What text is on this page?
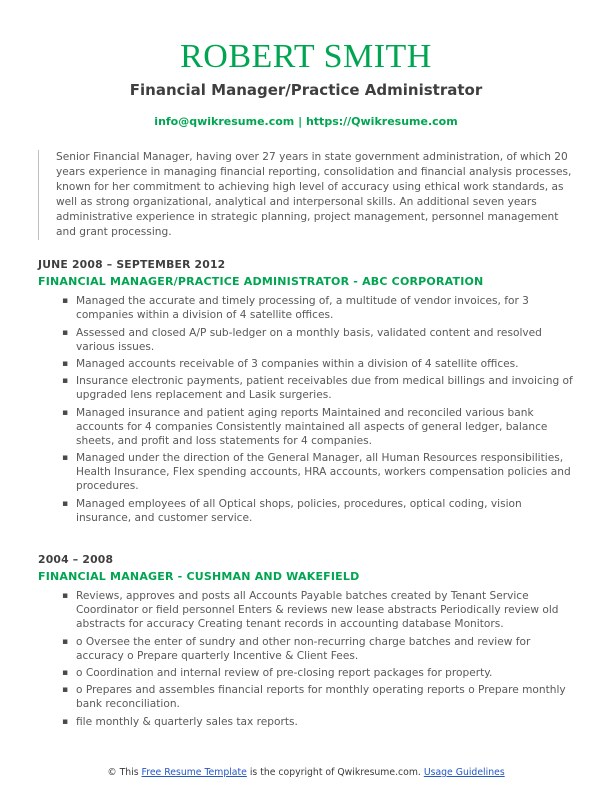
ROBERT SMITH
Financial Manager/Practice Administrator
info@qwikresume.com | https://Qwikresume.com

Senior Financial Manager, having over 27 years in state government administration, of which 20 years experience in managing financial reporting, consolidation and financial analysis processes, known for her commitment to achieving high level of accuracy using ethical work standards, as well as strong organizational, analytical and interpersonal skills. An additional seven years administrative experience in strategic planning, project management, personnel management and grant processing.

JUNE 2008 – SEPTEMBER 2012
FINANCIAL MANAGER/PRACTICE ADMINISTRATOR - ABC CORPORATION
▪ Managed the accurate and timely processing of, a multitude of vendor invoices, for 3 companies within a division of 4 satellite offices.
▪ Assessed and closed A/P sub-ledger on a monthly basis, validated content and resolved various issues.
▪ Managed accounts receivable of 3 companies within a division of 4 satellite offices.
▪ Insurance electronic payments, patient receivables due from medical billings and invoicing of upgraded lens replacement and Lasik surgeries.
▪ Managed insurance and patient aging reports Maintained and reconciled various bank accounts for 4 companies Consistently maintained all aspects of general ledger, balance sheets, and profit and loss statements for 4 companies.
▪ Managed under the direction of the General Manager, all Human Resources responsibilities, Health Insurance, Flex spending accounts, HRA accounts, workers compensation policies and procedures.
▪ Managed employees of all Optical shops, policies, procedures, optical coding, vision insurance, and customer service.
2004 – 2008
FINANCIAL MANAGER - CUSHMAN AND WAKEFIELD
▪ Reviews, approves and posts all Accounts Payable batches created by Tenant Service Coordinator or field personnel Enters & reviews new lease abstracts Periodically review old abstracts for accuracy Creating tenant records in accounting database Monitors.
▪ o Oversee the enter of sundry and other non-recurring charge batches and review for accuracy o Prepare quarterly Incentive & Client Fees.
▪ o Coordination and internal review of pre-closing report packages for property.
▪ o Prepares and assembles financial reports for monthly operating reports o Prepare monthly bank reconciliation.
▪ file monthly & quarterly sales tax reports.
© This Free Resume Template is the copyright of Qwikresume.com. Usage Guidelines
